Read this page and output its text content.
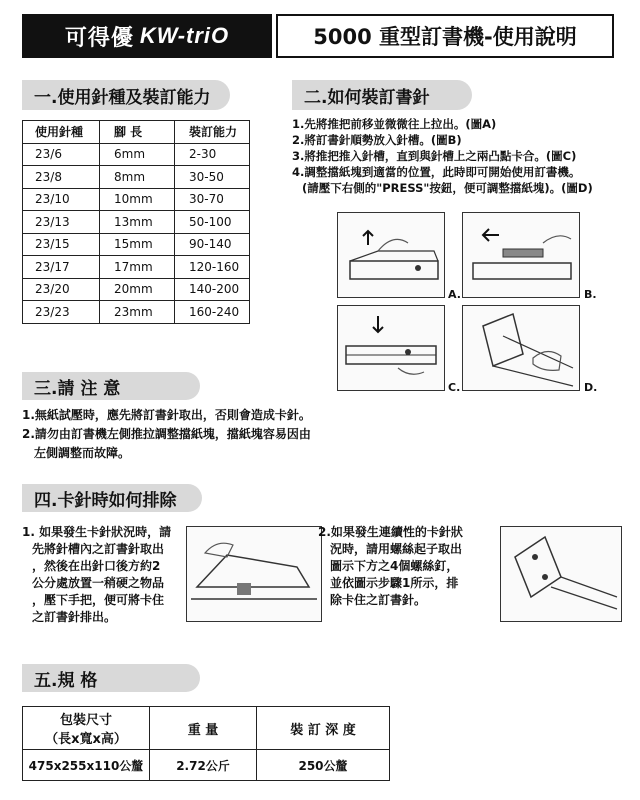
可得優 KW-triO	5000 重型訂書機-使用說明
一.使用針種及裝訂能力
使用針種	腳 長	裝訂能力
23/6	6mm	2-30
23/8	8mm	30-50
23/10	10mm	30-70
23/13	13mm	50-100
23/15	15mm	90-140
23/17	17mm	120-160
23/20	20mm	140-200
23/23	23mm	160-240
二.如何裝訂書針
1.先將推把前移並微微往上拉出。(圖A)
2.將訂書針順勢放入針槽。(圖B)
3.將推把推入針槽，直到與針槽上之兩凸點卡合。(圖C)
4.調整擋紙塊到適當的位置，此時即可開始使用訂書機。
(請壓下右側的"PRESS"按鈕，便可調整擋紙塊)。(圖D)
A.	B.
C.	D.
三.請 注 意
1.無紙試壓時，應先將訂書針取出，否則會造成卡針。
2.請勿由訂書機左側推拉調整擋紙塊，擋紙塊容易因由
左側調整而故障。
四.卡針時如何排除
1. 如果發生卡針狀況時，請
先將針槽內之訂書針取出
，然後在出針口後方約2
公分處放置一稍硬之物品
，壓下手把，便可將卡住
之訂書針排出。
2.如果發生連續性的卡針狀
況時，請用螺絲起子取出
圖示下方之4個螺絲釘，
並依圖示步驟1所示，排
除卡住之訂書針。
五.規 格
包裝尺寸
（長x寬x高）	重 量	裝 訂 深 度
475x255x110公釐	2.72公斤	250公釐
